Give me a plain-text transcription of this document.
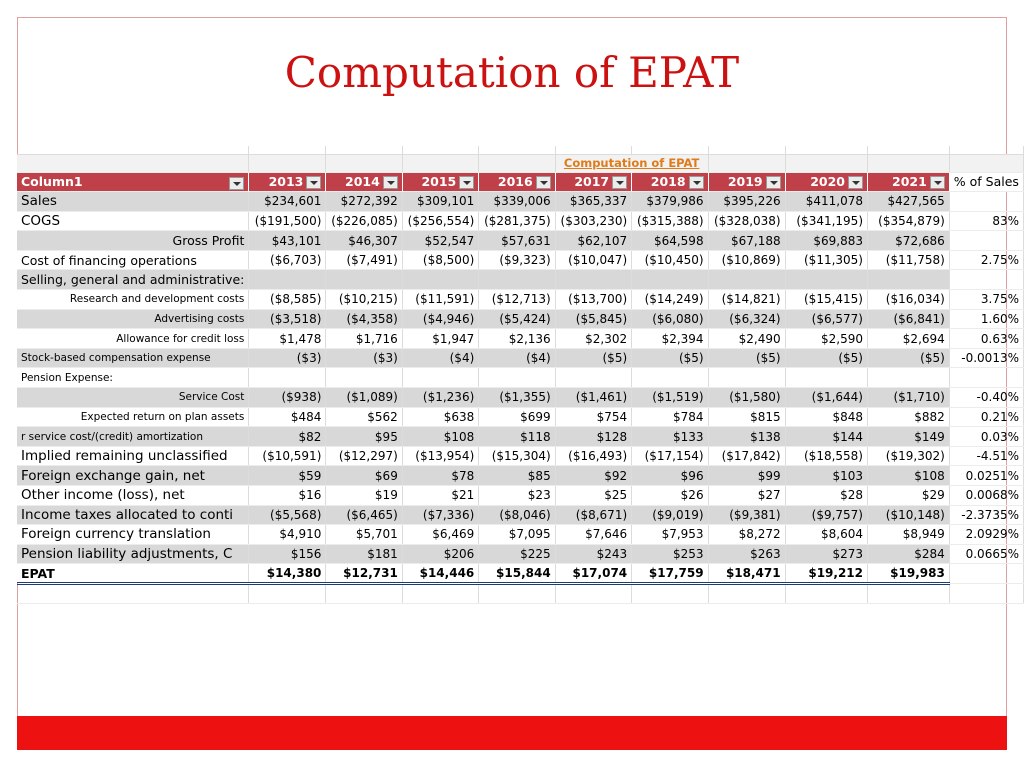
Computation of EPAT

					Computation of EPAT					
Column1	2013	2014	2015	2016	2017	2018	2019	2020	2021	% of Sales
Sales	$234,601	$272,392	$309,101	$339,006	$365,337	$379,986	$395,226	$411,078	$427,565	
COGS	($191,500)	($226,085)	($256,554)	($281,375)	($303,230)	($315,388)	($328,038)	($341,195)	($354,879)	83%
Gross Profit	$43,101	$46,307	$52,547	$57,631	$62,107	$64,598	$67,188	$69,883	$72,686	
Cost of financing operations	($6,703)	($7,491)	($8,500)	($9,323)	($10,047)	($10,450)	($10,869)	($11,305)	($11,758)	2.75%
Selling, general and administrative:										
Research and development costs	($8,585)	($10,215)	($11,591)	($12,713)	($13,700)	($14,249)	($14,821)	($15,415)	($16,034)	3.75%
Advertising costs	($3,518)	($4,358)	($4,946)	($5,424)	($5,845)	($6,080)	($6,324)	($6,577)	($6,841)	1.60%
Allowance for credit loss	$1,478	$1,716	$1,947	$2,136	$2,302	$2,394	$2,490	$2,590	$2,694	0.63%
Stock-based compensation expense	($3)	($3)	($4)	($4)	($5)	($5)	($5)	($5)	($5)	-0.0013%
Pension Expense:										
Service Cost	($938)	($1,089)	($1,236)	($1,355)	($1,461)	($1,519)	($1,580)	($1,644)	($1,710)	-0.40%
Expected return on plan assets	$484	$562	$638	$699	$754	$784	$815	$848	$882	0.21%
r service cost/(credit) amortization	$82	$95	$108	$118	$128	$133	$138	$144	$149	0.03%
Implied remaining unclassified	($10,591)	($12,297)	($13,954)	($15,304)	($16,493)	($17,154)	($17,842)	($18,558)	($19,302)	-4.51%
Foreign exchange gain, net	$59	$69	$78	$85	$92	$96	$99	$103	$108	0.0251%
Other income (loss), net	$16	$19	$21	$23	$25	$26	$27	$28	$29	0.0068%
Income taxes allocated to conti	($5,568)	($6,465)	($7,336)	($8,046)	($8,671)	($9,019)	($9,381)	($9,757)	($10,148)	-2.3735%
Foreign currency translation	$4,910	$5,701	$6,469	$7,095	$7,646	$7,953	$8,272	$8,604	$8,949	2.0929%
Pension liability adjustments, C	$156	$181	$206	$225	$243	$253	$263	$273	$284	0.0665%
EPAT	$14,380	$12,731	$14,446	$15,844	$17,074	$17,759	$18,471	$19,212	$19,983	
